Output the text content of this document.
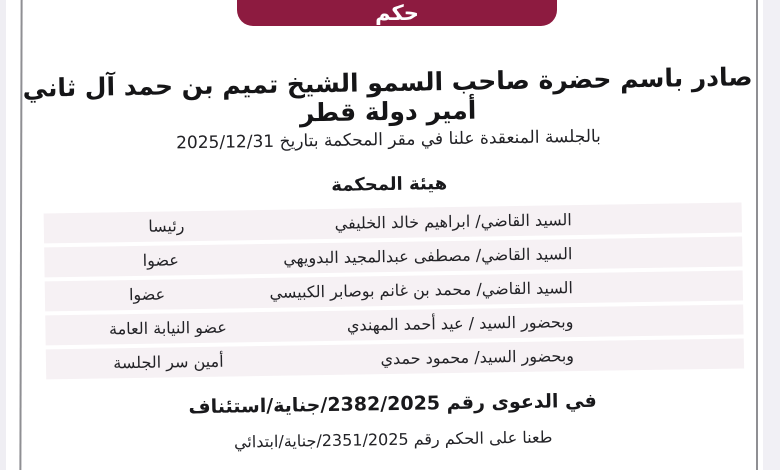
حكم
صادر باسم حضرة صاحب السمو الشيخ تميم بن حمد آل ثاني أمير دولة قطر
بالجلسة المنعقدة علنا في مقر المحكمة بتاريخ 2025/12/31
هيئة المحكمة
السيد القاضي/ ابراهيم خالد الخليفي
رئيسا
السيد القاضي/ مصطفى عبدالمجيد البدويهي
عضوا
السيد القاضي/ محمد بن غانم بوصابر الكبيسي
عضوا
وبحضور السيد / عيد أحمد المهندي
عضو النيابة العامة
وبحضور السيد/ محمود حمدي
أمين سر الجلسة
في الدعوى رقم 2382/2025/جناية/استئناف
طعنا على الحكم رقم 2351/2025/جناية/ابتدائي
